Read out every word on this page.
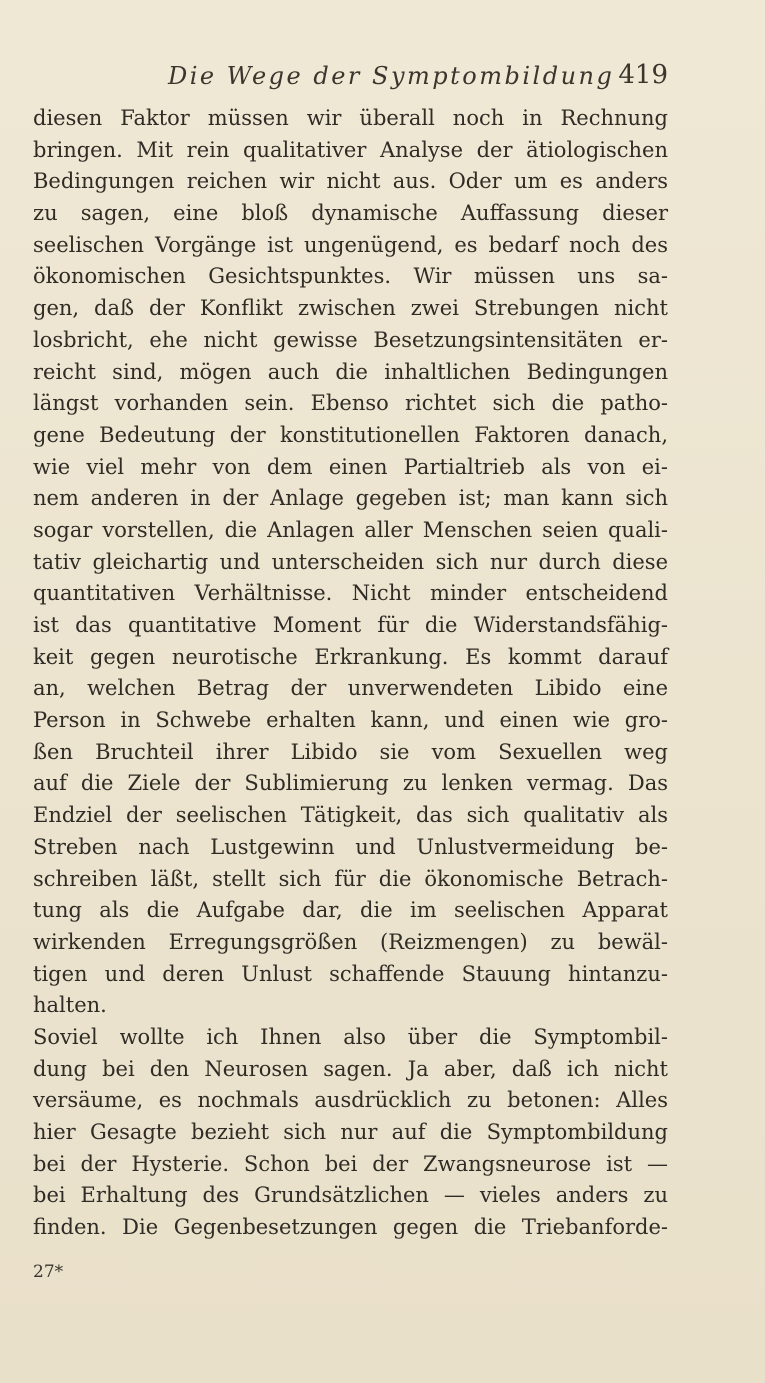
Die Wege der Symptombildung 419
diesen Faktor müssen wir überall noch in Rechnung
bringen. Mit rein qualitativer Analyse der ätiologischen
Bedingungen reichen wir nicht aus. Oder um es anders
zu sagen, eine bloß dynamische Auffassung dieser
seelischen Vorgänge ist ungenügend, es bedarf noch des
ökonomischen Gesichtspunktes. Wir müssen uns sa-
gen, daß der Konflikt zwischen zwei Strebungen nicht
losbricht, ehe nicht gewisse Besetzungsintensitäten er-
reicht sind, mögen auch die inhaltlichen Bedingungen
längst vorhanden sein. Ebenso richtet sich die patho-
gene Bedeutung der konstitutionellen Faktoren danach,
wie viel mehr von dem einen Partialtrieb als von ei-
nem anderen in der Anlage gegeben ist; man kann sich
sogar vorstellen, die Anlagen aller Menschen seien quali-
tativ gleichartig und unterscheiden sich nur durch diese
quantitativen Verhältnisse. Nicht minder entscheidend
ist das quantitative Moment für die Widerstandsfähig-
keit gegen neurotische Erkrankung. Es kommt darauf
an, welchen Betrag der unverwendeten Libido eine
Person in Schwebe erhalten kann, und einen wie gro-
ßen Bruchteil ihrer Libido sie vom Sexuellen weg
auf die Ziele der Sublimierung zu lenken vermag. Das
Endziel der seelischen Tätigkeit, das sich qualitativ als
Streben nach Lustgewinn und Unlustvermeidung be-
schreiben läßt, stellt sich für die ökonomische Betrach-
tung als die Aufgabe dar, die im seelischen Apparat
wirkenden Erregungsgrößen (Reizmengen) zu bewäl-
tigen und deren Unlust schaffende Stauung hintanzu-
halten.
Soviel wollte ich Ihnen also über die Symptombil-
dung bei den Neurosen sagen. Ja aber, daß ich nicht
versäume, es nochmals ausdrücklich zu betonen: Alles
hier Gesagte bezieht sich nur auf die Symptombildung
bei der Hysterie. Schon bei der Zwangsneurose ist —
bei Erhaltung des Grundsätzlichen — vieles anders zu
finden. Die Gegenbesetzungen gegen die Triebanforde-
27*
